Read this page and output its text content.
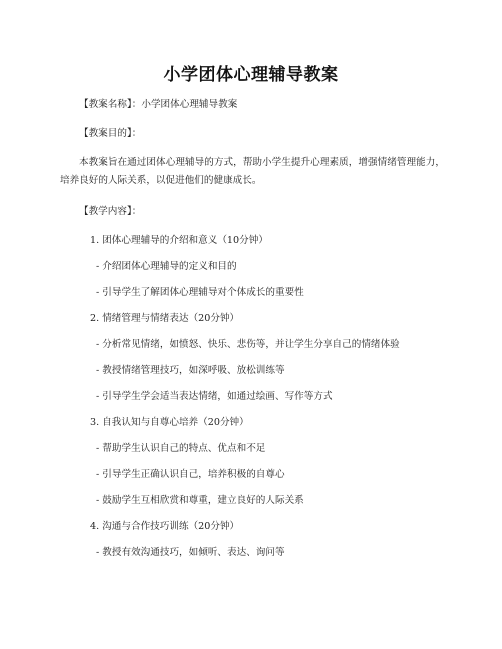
小学团体心理辅导教案
【教案名称】：小学团体心理辅导教案
【教案目的】：
本教案旨在通过团体心理辅导的方式，帮助小学生提升心理素质，增强情绪管理能力，培养良好的人际关系，以促进他们的健康成长。
【教学内容】：
1. 团体心理辅导的介绍和意义（10分钟）
- 介绍团体心理辅导的定义和目的
- 引导学生了解团体心理辅导对个体成长的重要性
2. 情绪管理与情绪表达（20分钟）
- 分析常见情绪，如愤怒、快乐、悲伤等，并让学生分享自己的情绪体验
- 教授情绪管理技巧，如深呼吸、放松训练等
- 引导学生学会适当表达情绪，如通过绘画、写作等方式
3. 自我认知与自尊心培养（20分钟）
- 帮助学生认识自己的特点、优点和不足
- 引导学生正确认识自己，培养积极的自尊心
- 鼓励学生互相欣赏和尊重，建立良好的人际关系
4. 沟通与合作技巧训练（20分钟）
- 教授有效沟通技巧，如倾听、表达、询问等
